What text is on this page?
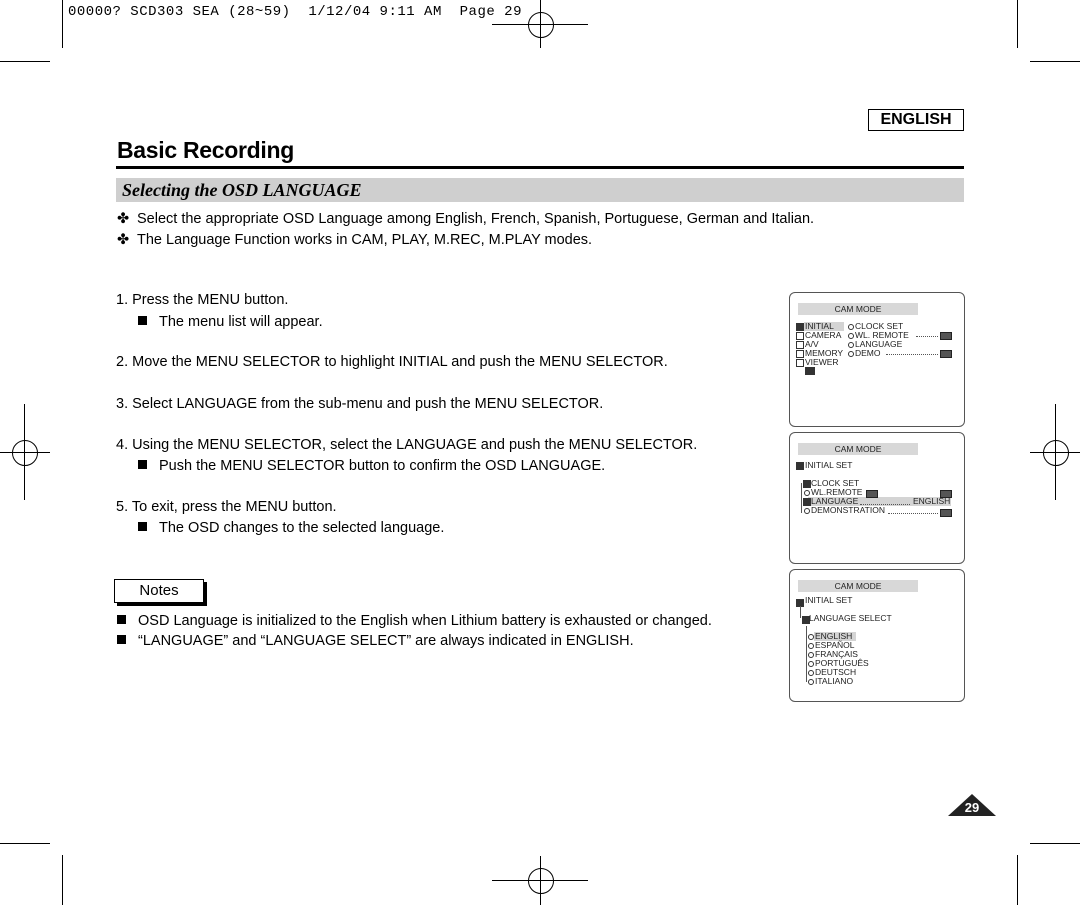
00000? SCD303 SEA (28~59)  1/12/04 9:11 AM  Page 29
ENGLISH
Basic Recording
Selecting the OSD LANGUAGE
✤ Select the appropriate OSD Language among English, French, Spanish, Portuguese, German and Italian.
✤ The Language Function works in CAM, PLAY, M.REC, M.PLAY modes.
1. Press the MENU button.
The menu list will appear.
2. Move the MENU SELECTOR to highlight INITIAL and push the MENU SELECTOR.
3. Select LANGUAGE from the sub-menu and push the MENU SELECTOR.
4. Using the MENU SELECTOR, select the LANGUAGE and push the MENU SELECTOR.
Push the MENU SELECTOR button to confirm the OSD LANGUAGE.
5. To exit, press the MENU button.
The OSD changes to the selected language.
Notes
OSD Language is initialized to the English when Lithium battery is exhausted or changed.
“LANGUAGE” and “LANGUAGE SELECT” are always indicated in ENGLISH.
CAM MODE
INITIAL
CAMERA
A/V
MEMORY
VIEWER
CLOCK SET
WL. REMOTE
LANGUAGE
DEMO
CAM MODE
INITIAL SET
CLOCK SET
WL.REMOTE
LANGUAGE
DEMONSTRATION
ENGLISH
CAM MODE
INITIAL SET
LANGUAGE SELECT
ENGLISH
ESPAÑOL
FRANÇAIS
PORTUGUÊS
DEUTSCH
ITALIANO
29
